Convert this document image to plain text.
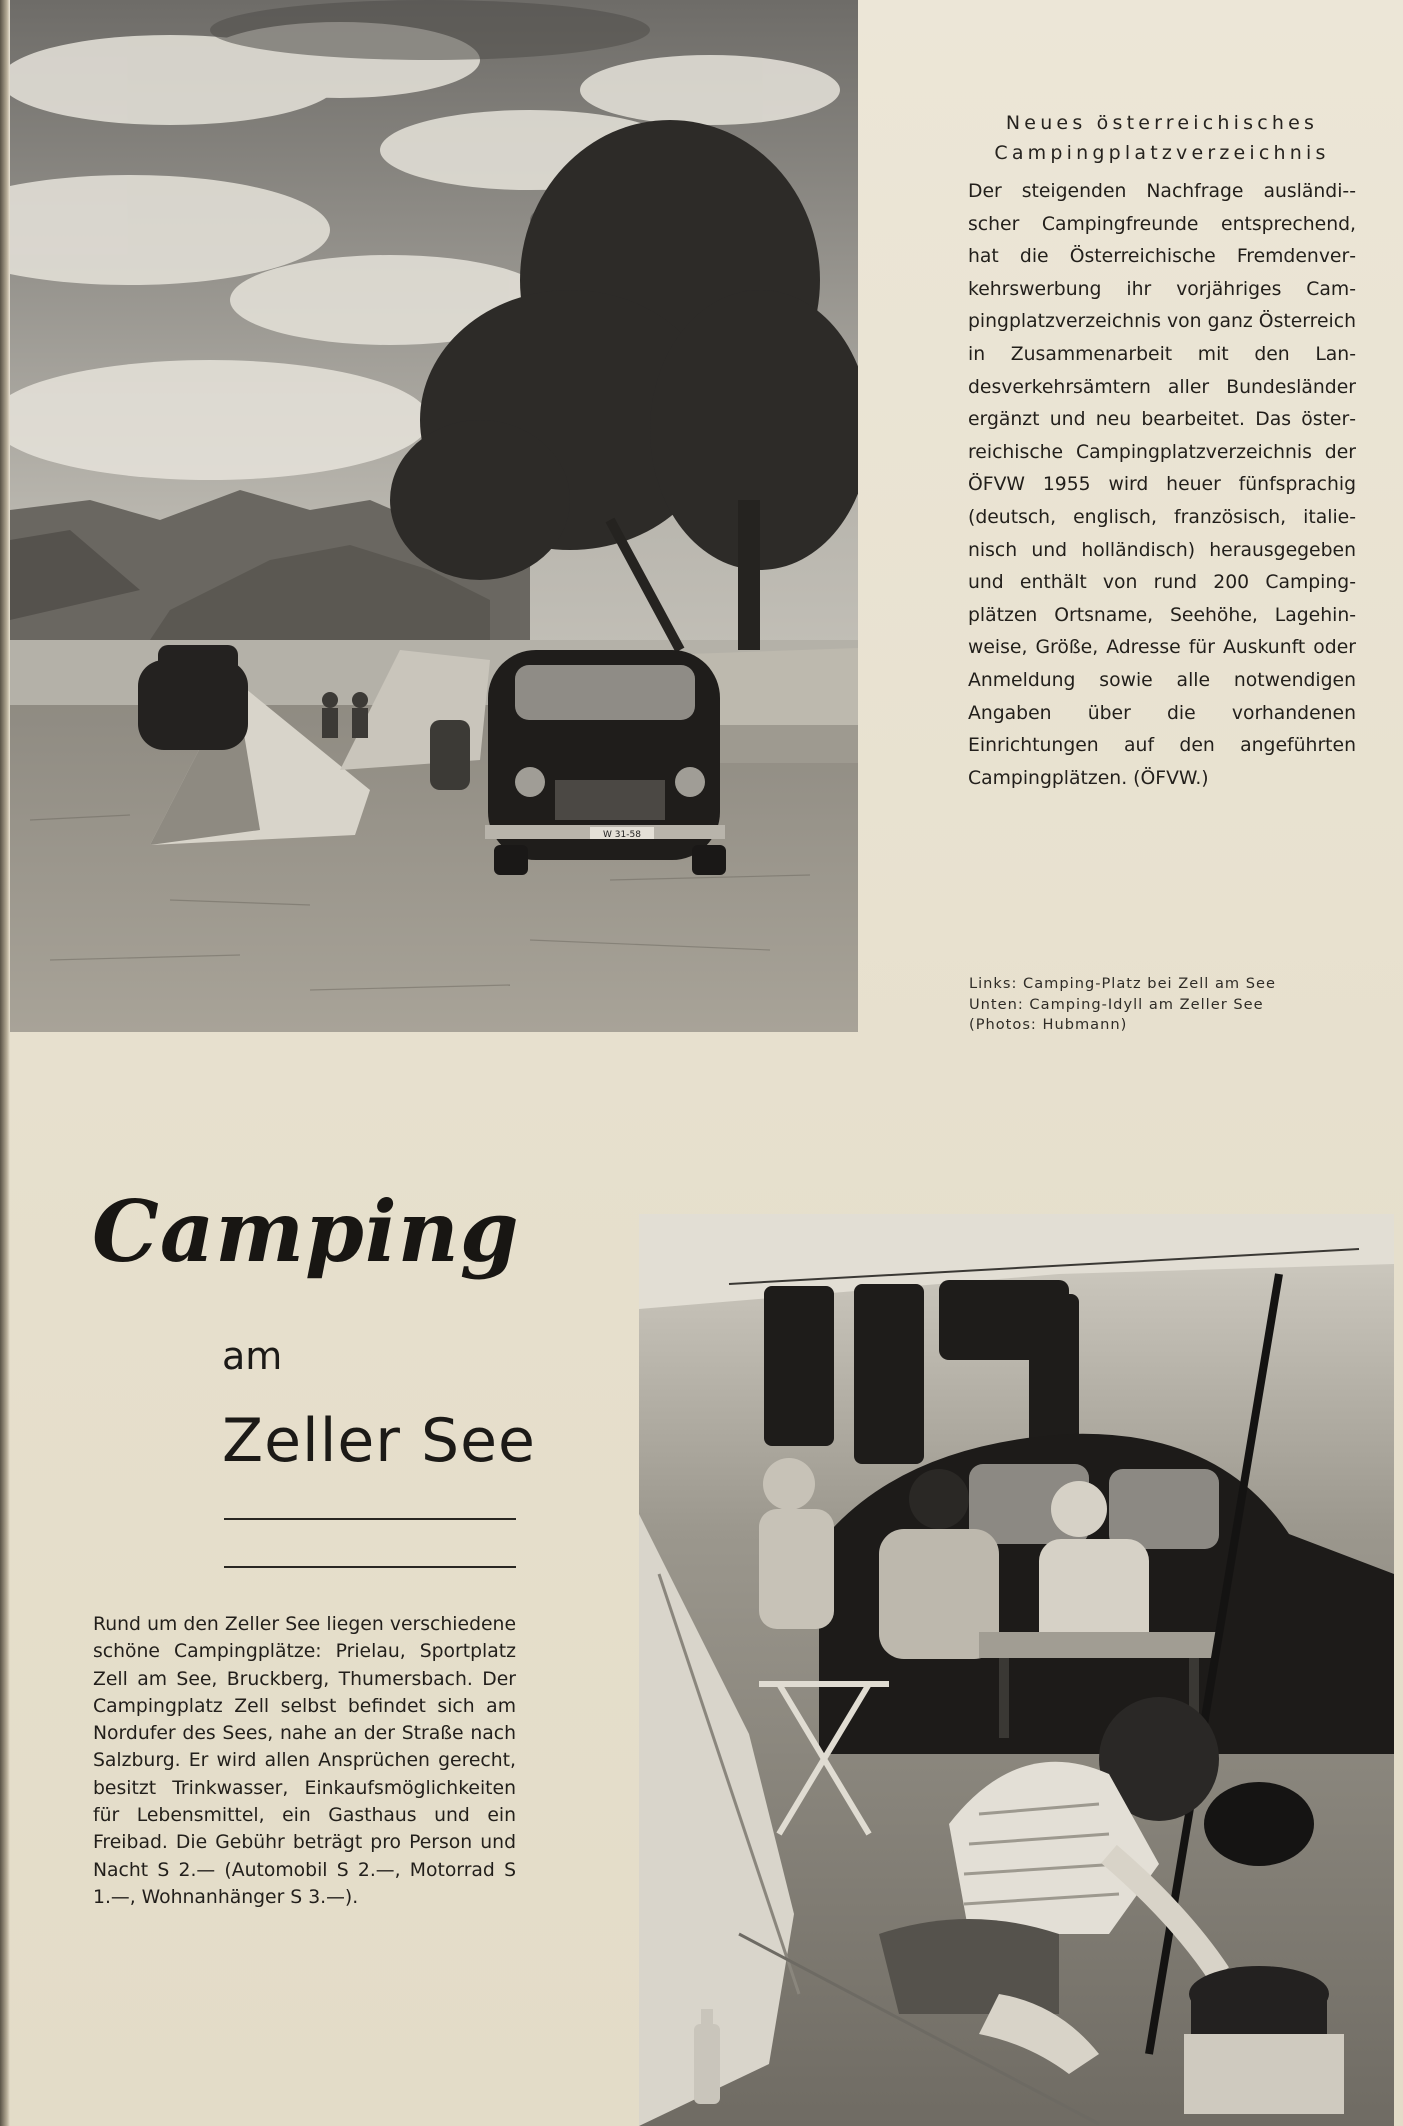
W 31-58
Neues österreichisches
Campingplatzverzeichnis

Der steigenden Nachfrage ausländi-scher Campingfreunde entsprechend, hat die Österreichische Fremdenverkehrswerbung ihr vorjähriges Campingplatzverzeichnis von ganz Österreich in Zusammenarbeit mit den Landesverkehrsämtern aller Bundesländer ergänzt und neu bearbeitet. Das österreichische Campingplatzverzeichnis der ÖFVW 1955 wird heuer fünfsprachig (deutsch, englisch, französisch, italienisch und holländisch) herausgegeben und enthält von rund 200 Campingplätzen Ortsname, Seehöhe, Lagehinweise, Größe, Adresse für Auskunft oder Anmeldung sowie alle notwendigen Angaben über die vorhandenen Einrichtungen auf den angeführten Campingplätzen. (ÖFVW.)

Links: Camping-Platz bei Zell am See
Unten: Camping-Idyll am Zeller See
(Photos: Hubmann)
Camping
am
Zeller See

Rund um den Zeller See liegen verschiedene schöne Campingplätze: Prielau, Sportplatz Zell am See, Bruckberg, Thumersbach. Der Campingplatz Zell selbst befindet sich am Nordufer des Sees, nahe an der Straße nach Salzburg. Er wird allen Ansprüchen gerecht, besitzt Trinkwasser, Einkaufsmöglichkeiten für Lebensmittel, ein Gasthaus und ein Freibad. Die Gebühr beträgt pro Person und Nacht S 2.— (Automobil S 2.—, Motorrad S 1.—, Wohnanhänger S 3.—).
